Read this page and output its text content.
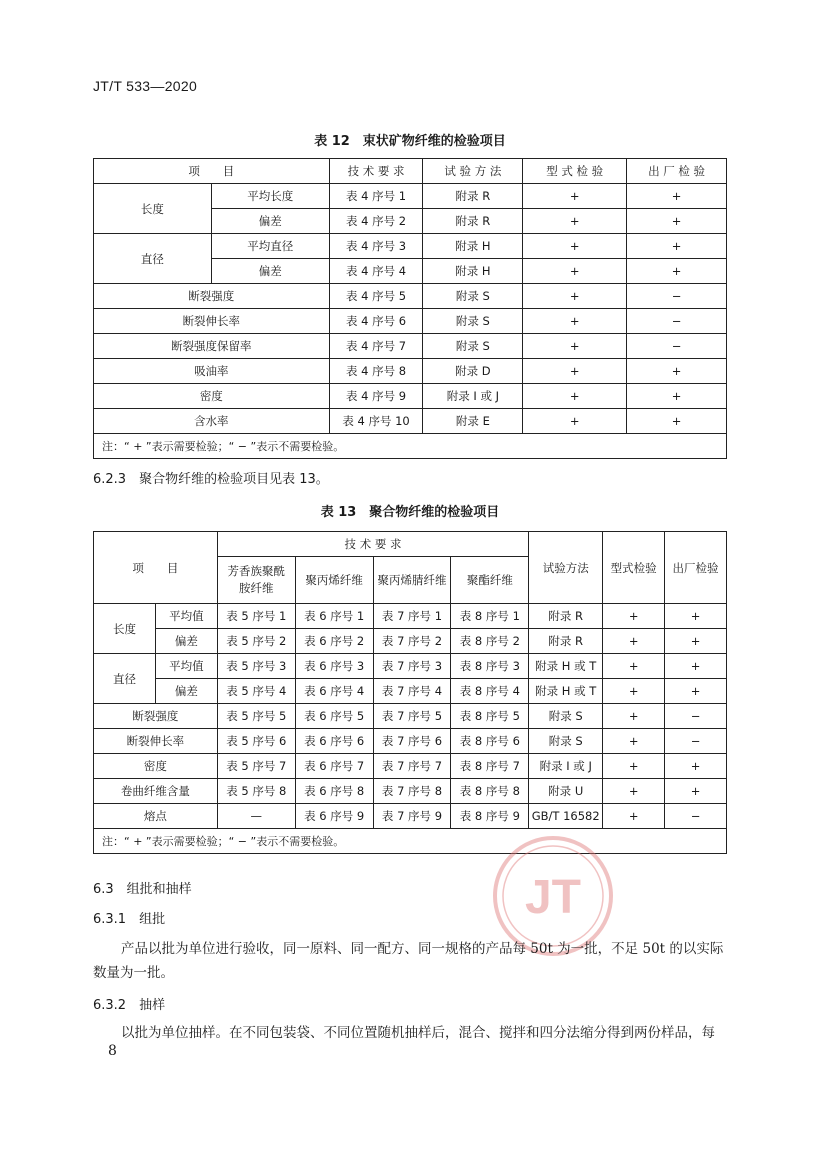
JT/T 533—2020
表 12　束状矿物纤维的检验项目
项　　目		技 术 要 求	试 验 方 法	型 式 检 验	出 厂 检 验
长度	平均长度	表 4 序号 1	附录 R	+	+
	偏差	表 4 序号 2	附录 R	+	+
直径	平均直径	表 4 序号 3	附录 H	+	+
	偏差	表 4 序号 4	附录 H	+	+
断裂强度		表 4 序号 5	附录 S	+	−
断裂伸长率		表 4 序号 6	附录 S	+	−
断裂强度保留率		表 4 序号 7	附录 S	+	−
吸油率		表 4 序号 8	附录 D	+	+
密度		表 4 序号 9	附录 I 或 J	+	+
含水率		表 4 序号 10	附录 E	+	+
注：“ + ”表示需要检验；“ − ”表示不需要检验。					
6.2.3　聚合物纤维的检验项目见表 13。
表 13　聚合物纤维的检验项目
项　　目		技 术 要 求				试验方法	型式检验	出厂检验
		芳香族聚酰胺纤维	聚丙烯纤维	聚丙烯腈纤维	聚酯纤维			
长度	平均值	表 5 序号 1	表 6 序号 1	表 7 序号 1	表 8 序号 1	附录 R	+	+
	偏差	表 5 序号 2	表 6 序号 2	表 7 序号 2	表 8 序号 2	附录 R	+	+
直径	平均值	表 5 序号 3	表 6 序号 3	表 7 序号 3	表 8 序号 3	附录 H 或 T	+	+
	偏差	表 5 序号 4	表 6 序号 4	表 7 序号 4	表 8 序号 4	附录 H 或 T	+	+
断裂强度		表 5 序号 5	表 6 序号 5	表 7 序号 5	表 8 序号 5	附录 S	+	−
断裂伸长率		表 5 序号 6	表 6 序号 6	表 7 序号 6	表 8 序号 6	附录 S	+	−
密度		表 5 序号 7	表 6 序号 7	表 7 序号 7	表 8 序号 7	附录 I 或 J	+	+
卷曲纤维含量		表 5 序号 8	表 6 序号 8	表 7 序号 8	表 8 序号 8	附录 U	+	+
熔点		—	表 6 序号 9	表 7 序号 9	表 8 序号 9	GB/T 16582	+	−
注：“ + ”表示需要检验；“ − ”表示不需要检验。								
JT
6.3　组批和抽样
6.3.1　组批
产品以批为单位进行验收，同一原料、同一配方、同一规格的产品每 50t 为一批，不足 50t 的以实际
数量为一批。
6.3.2　抽样
以批为单位抽样。在不同包装袋、不同位置随机抽样后，混合、搅拌和四分法缩分得到两份样品，每
8
